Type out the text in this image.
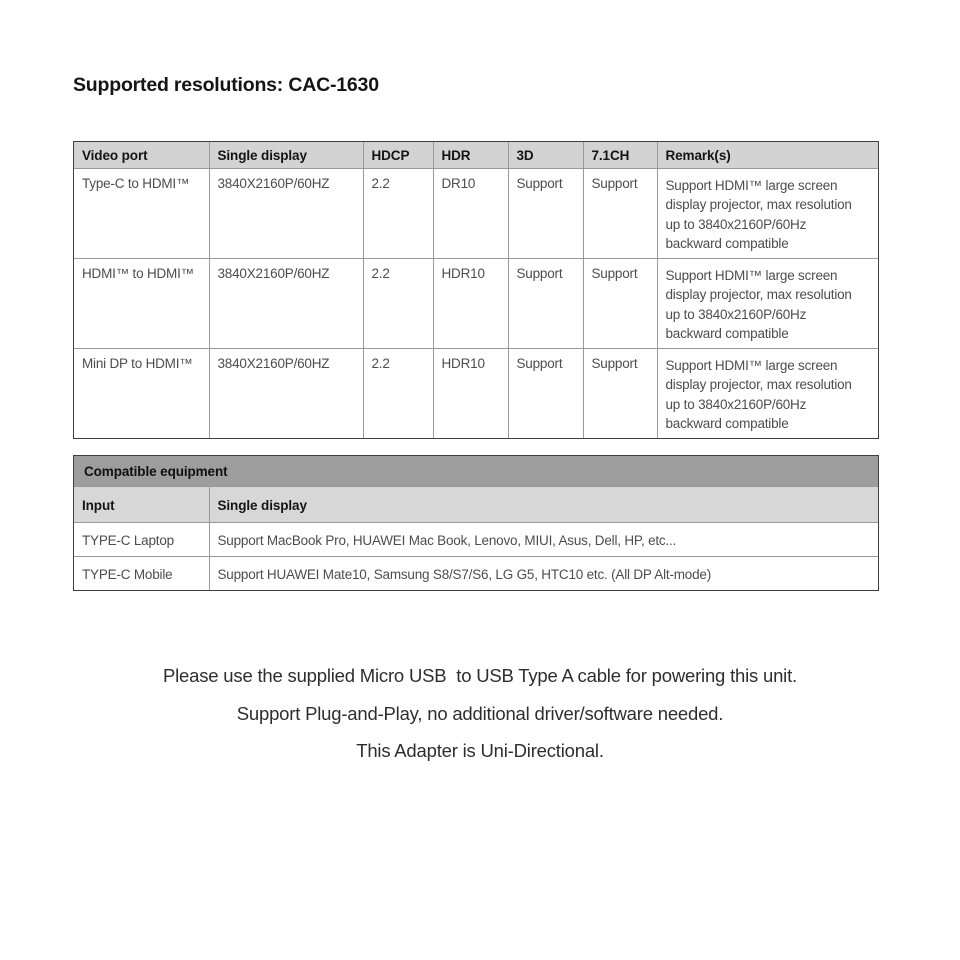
Supported resolutions: CAC-1630
Video port	Single display	HDCP	HDR	3D	7.1CH	Remark(s)
Type-C to HDMI™	3840X2160P/60HZ	2.2	DR10	Support	Support	Support HDMI™ large screen
display projector, max resolution
up to 3840x2160P/60Hz
backward compatible

HDMI™ to HDMI™	3840X2160P/60HZ	2.2	HDR10	Support	Support	Support HDMI™ large screen
display projector, max resolution
up to 3840x2160P/60Hz
backward compatible

Mini DP to HDMI™	3840X2160P/60HZ	2.2	HDR10	Support	Support	Support HDMI™ large screen
display projector, max resolution
up to 3840x2160P/60Hz
backward compatible
Compatible equipment	
Input	Single display
TYPE-C Laptop	Support MacBook Pro, HUAWEI Mac Book, Lenovo, MIUI, Asus, Dell, HP, etc...
TYPE-C Mobile	Support HUAWEI Mate10, Samsung S8/S7/S6, LG G5, HTC10 etc. (All DP Alt-mode)

Please use the supplied Micro USB  to USB Type A cable for powering this unit.

Support Plug-and-Play, no additional driver/software needed.

This Adapter is Uni-Directional.
